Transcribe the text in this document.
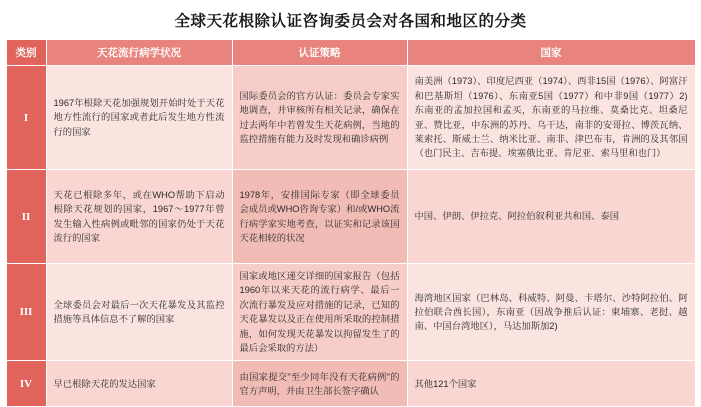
全球天花根除认证咨询委员会对各国和地区的分类
类别	天花流行病学状况	认证策略	国家
I	1967年根除天花加强规划开始时处于天花地方性流行的国家或者此后发生地方性流行的国家	国际委员会的官方认证：委员会专家实地调查，并审核所有相关记录，确保在过去两年中若曾发生天花病例，当地的监控措施有能力及时发现和确诊病例	南美洲（1973）、印度尼西亚（1974）、西非15国（1976）、阿富汗和巴基斯坦（1976）、东南亚5国（1977）和中非9国（1977）2) 东南亚的孟加拉国和孟买，东南亚的马拉维、莫桑比克、坦桑尼亚、赞比亚，中东洲的苏丹、乌干达，南非的安哥拉、博茨瓦纳、莱索托、斯威士兰、纳米比亚、南非、津巴布韦，肯洲的及其邻国（也门民主、吉布提、埃塞俄比亚、肯尼亚、索马里和也门）
II	天花已根除多年，或在WHO帮助下启动根除天花规划的国家，1967～1977年曾发生输入性病例或毗邻的国家仍处于天花流行的国家	1978年，安排国际专家（即全球委员会成员或WHO咨询专家）和/或WHO流行病学家实地考查，以证实和记录该国天花相较的状况	中国、伊朗、伊拉克、阿拉伯叙利亚共和国、泰国
III	全球委员会对最后一次天花暴发及其监控措施等具体信息不了解的国家	国家或地区递交详细的国家报告（包括1960年以来天花的流行病学、最后一次流行暴发及应对措施的记录，已知的天花暴发以及正在使用所采取的控制措施，如何发现天花暴发以拘留发生了的最后会采取的方法）	海湾地区国家（巴林岛、科威特、阿曼、卡塔尔、沙特阿拉伯、阿拉伯联合酋长国），东南亚（因战争推后认证：柬埔寨、老挝、越南、中国台湾地区），马达加斯加2)
IV	早已根除天花的发达国家	由国家提交"至少同年没有天花病例"的官方声明，并由卫生部长签字确认	其他121个国家
